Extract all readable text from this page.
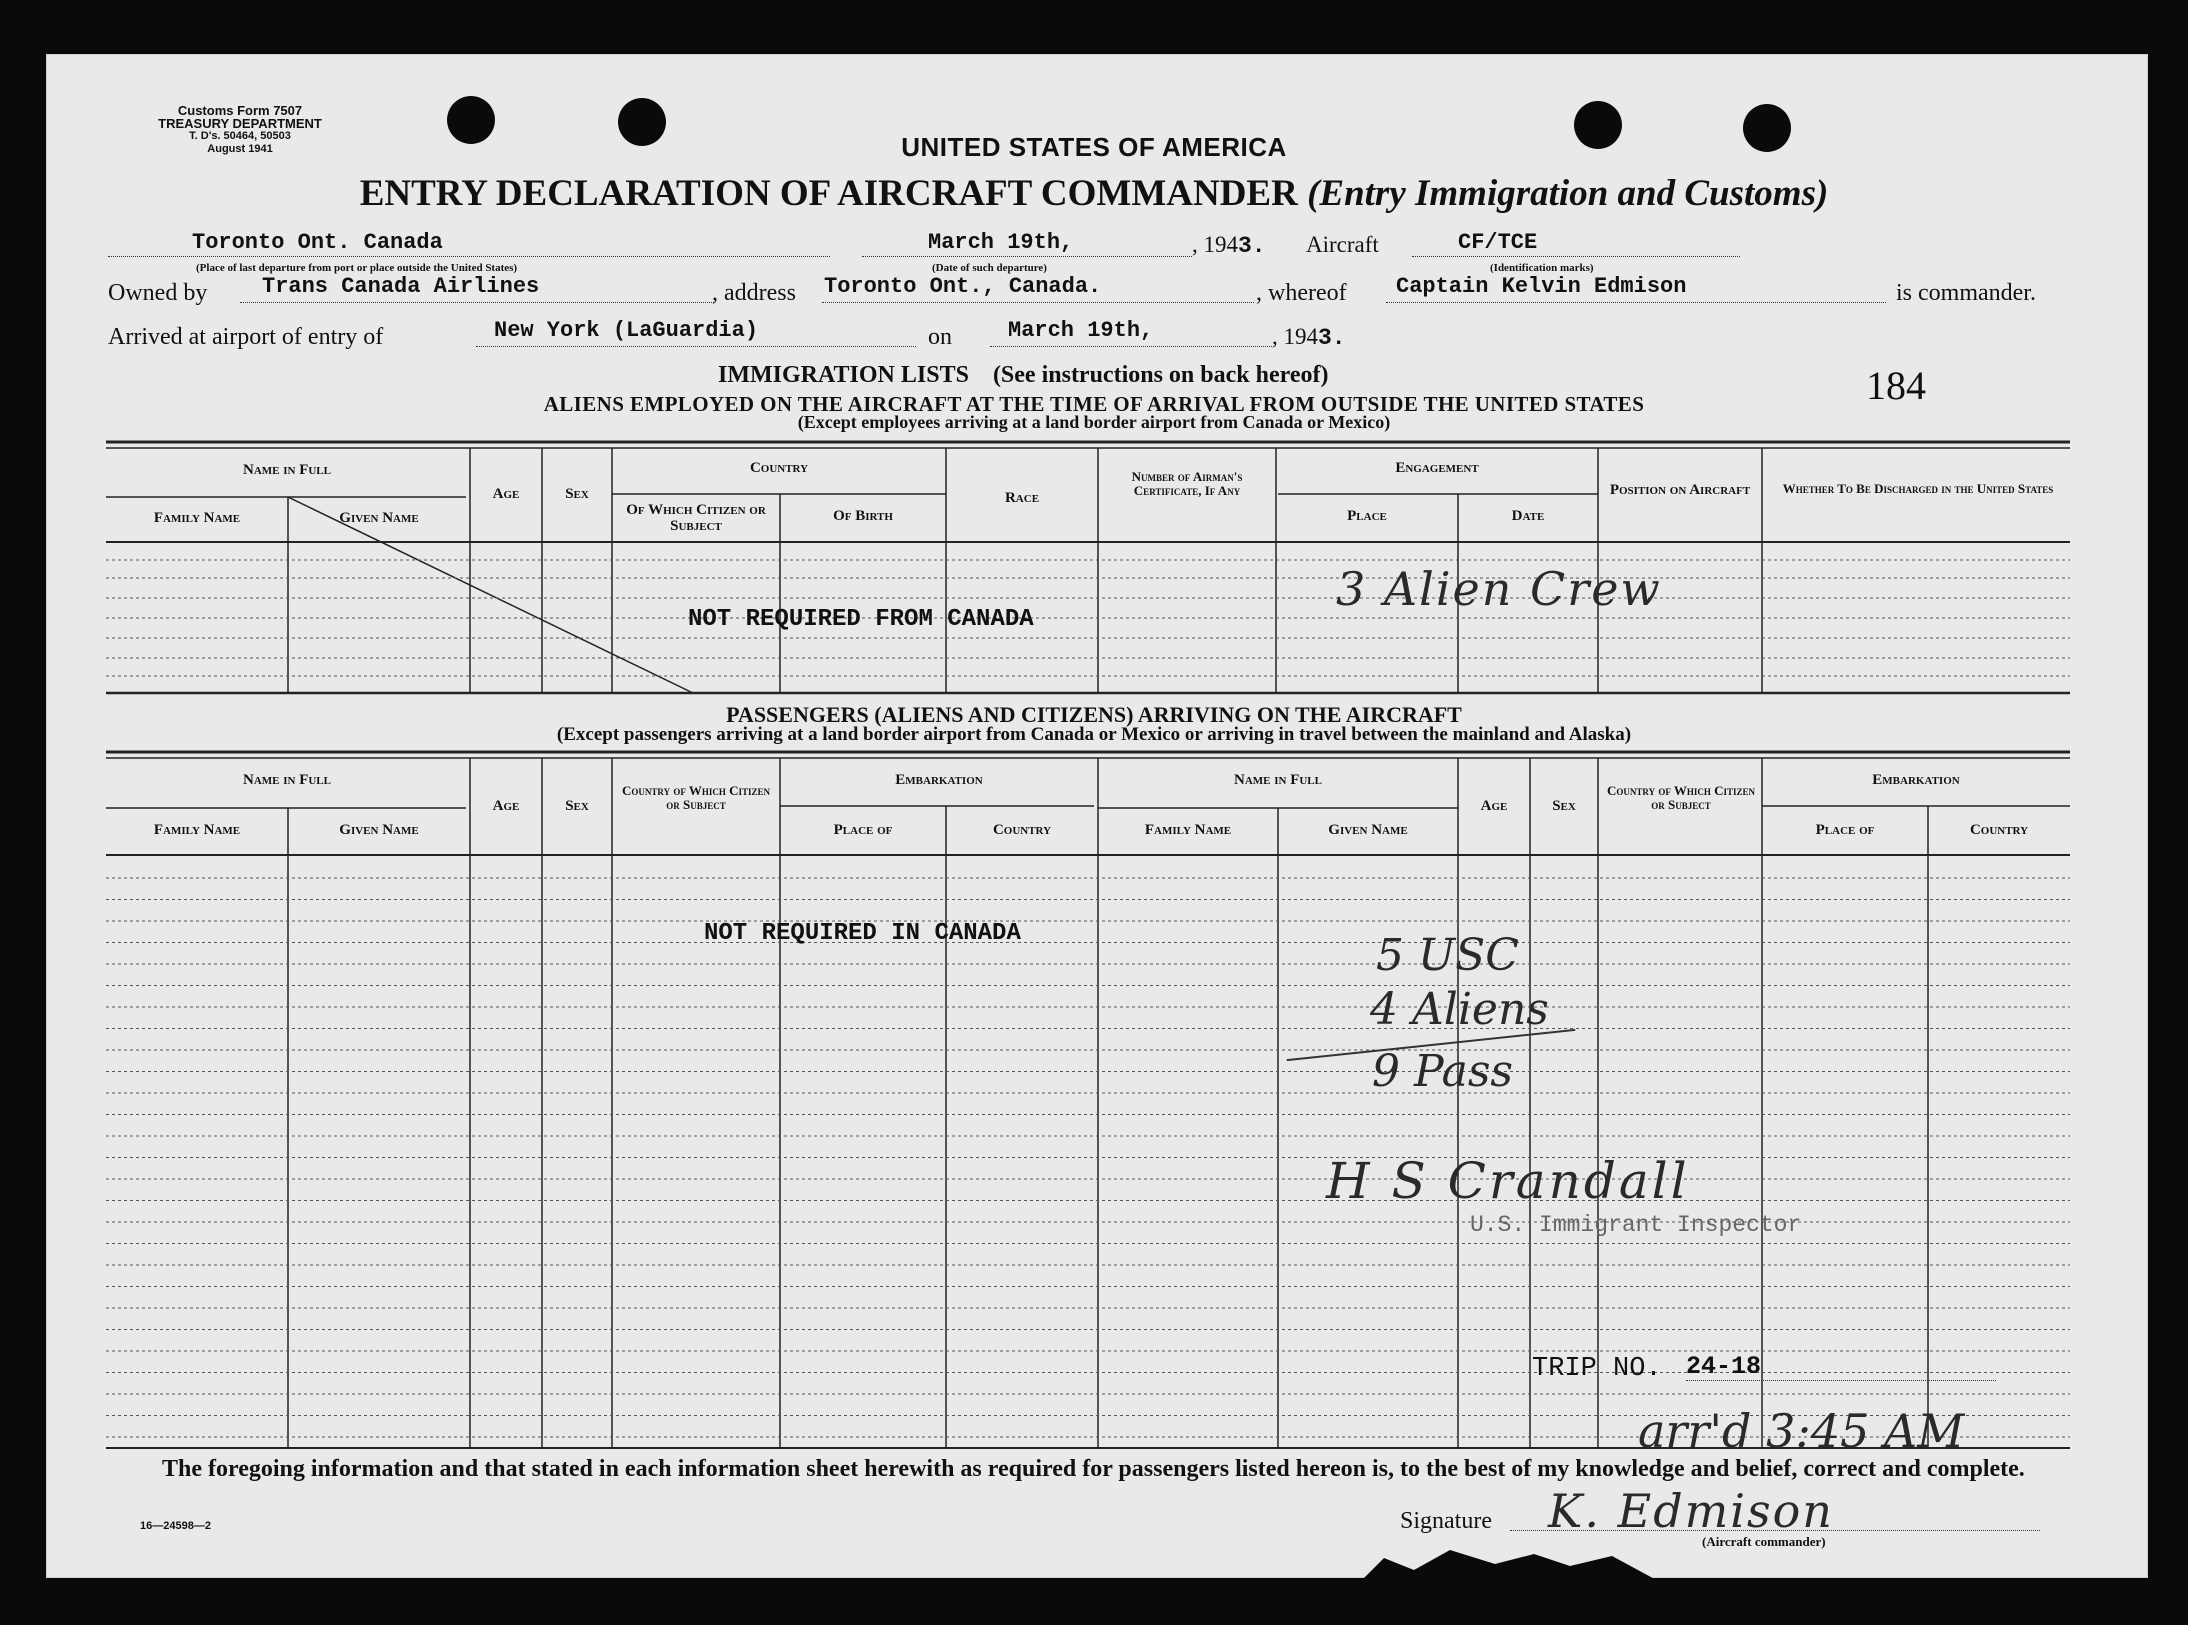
Customs Form 7507
TREASURY DEPARTMENT
T. D's. 50464, 50503
August 1941	UNITED STATES OF AMERICA
ENTRY DECLARATION OF AIRCRAFT COMMANDER (Entry Immigration and Customs)
Toronto Ont. Canada
(Place of last departure from port or place outside the United States)
March 19th,
(Date of such departure)
, 1943. Aircraft	CF/TCE
(Identification marks)
Owned by Trans Canada Airlines	, address Toronto Ont., Canada.	, whereof Captain Kelvin Edmison	is commander.
Arrived at airport of entry of	New York (LaGuardia)	on	March 19th,	, 1943.
IMMIGRATION LISTS (See instructions on back hereof)	184
ALIENS EMPLOYED ON THE AIRCRAFT AT THE TIME OF ARRIVAL FROM OUTSIDE THE UNITED STATES
(Except employees arriving at a land border airport from Canada or Mexico)
Name in Full
Family Name	Given Name
Age	Sex
Country
Of Which Citizen or Subject
Of Birth
Race
Number of Airman's Certificate, If Any
Engagement
Place	Date
Position on Aircraft	Whether To Be Discharged in the United States
NOT REQUIRED FROM CANADA
3 Alien Crew
PASSENGERS (ALIENS AND CITIZENS) ARRIVING ON THE AIRCRAFT
(Except passengers arriving at a land border airport from Canada or Mexico or arriving in travel between the mainland and Alaska)
Name in Full
Family Name	Given Name
Age	Sex
Country of Which Citizen or Subject
Embarkation
Place of	Country
Name in Full
Family Name	Given Name
Age	Sex
Country of Which Citizen or Subject
Embarkation
Place of	Country
NOT REQUIRED IN CANADA	5 USC
4 Aliens
9 Pass
H S Crandall
U.S. Immigrant Inspector
TRIP NO. 24-18
arr'd 3:45 AM
The foregoing information and that stated in each information sheet herewith as required for passengers listed hereon is, to the best of my knowledge and belief, correct and complete.
16—24598—2	Signature K. Edmison
(Aircraft commander)
